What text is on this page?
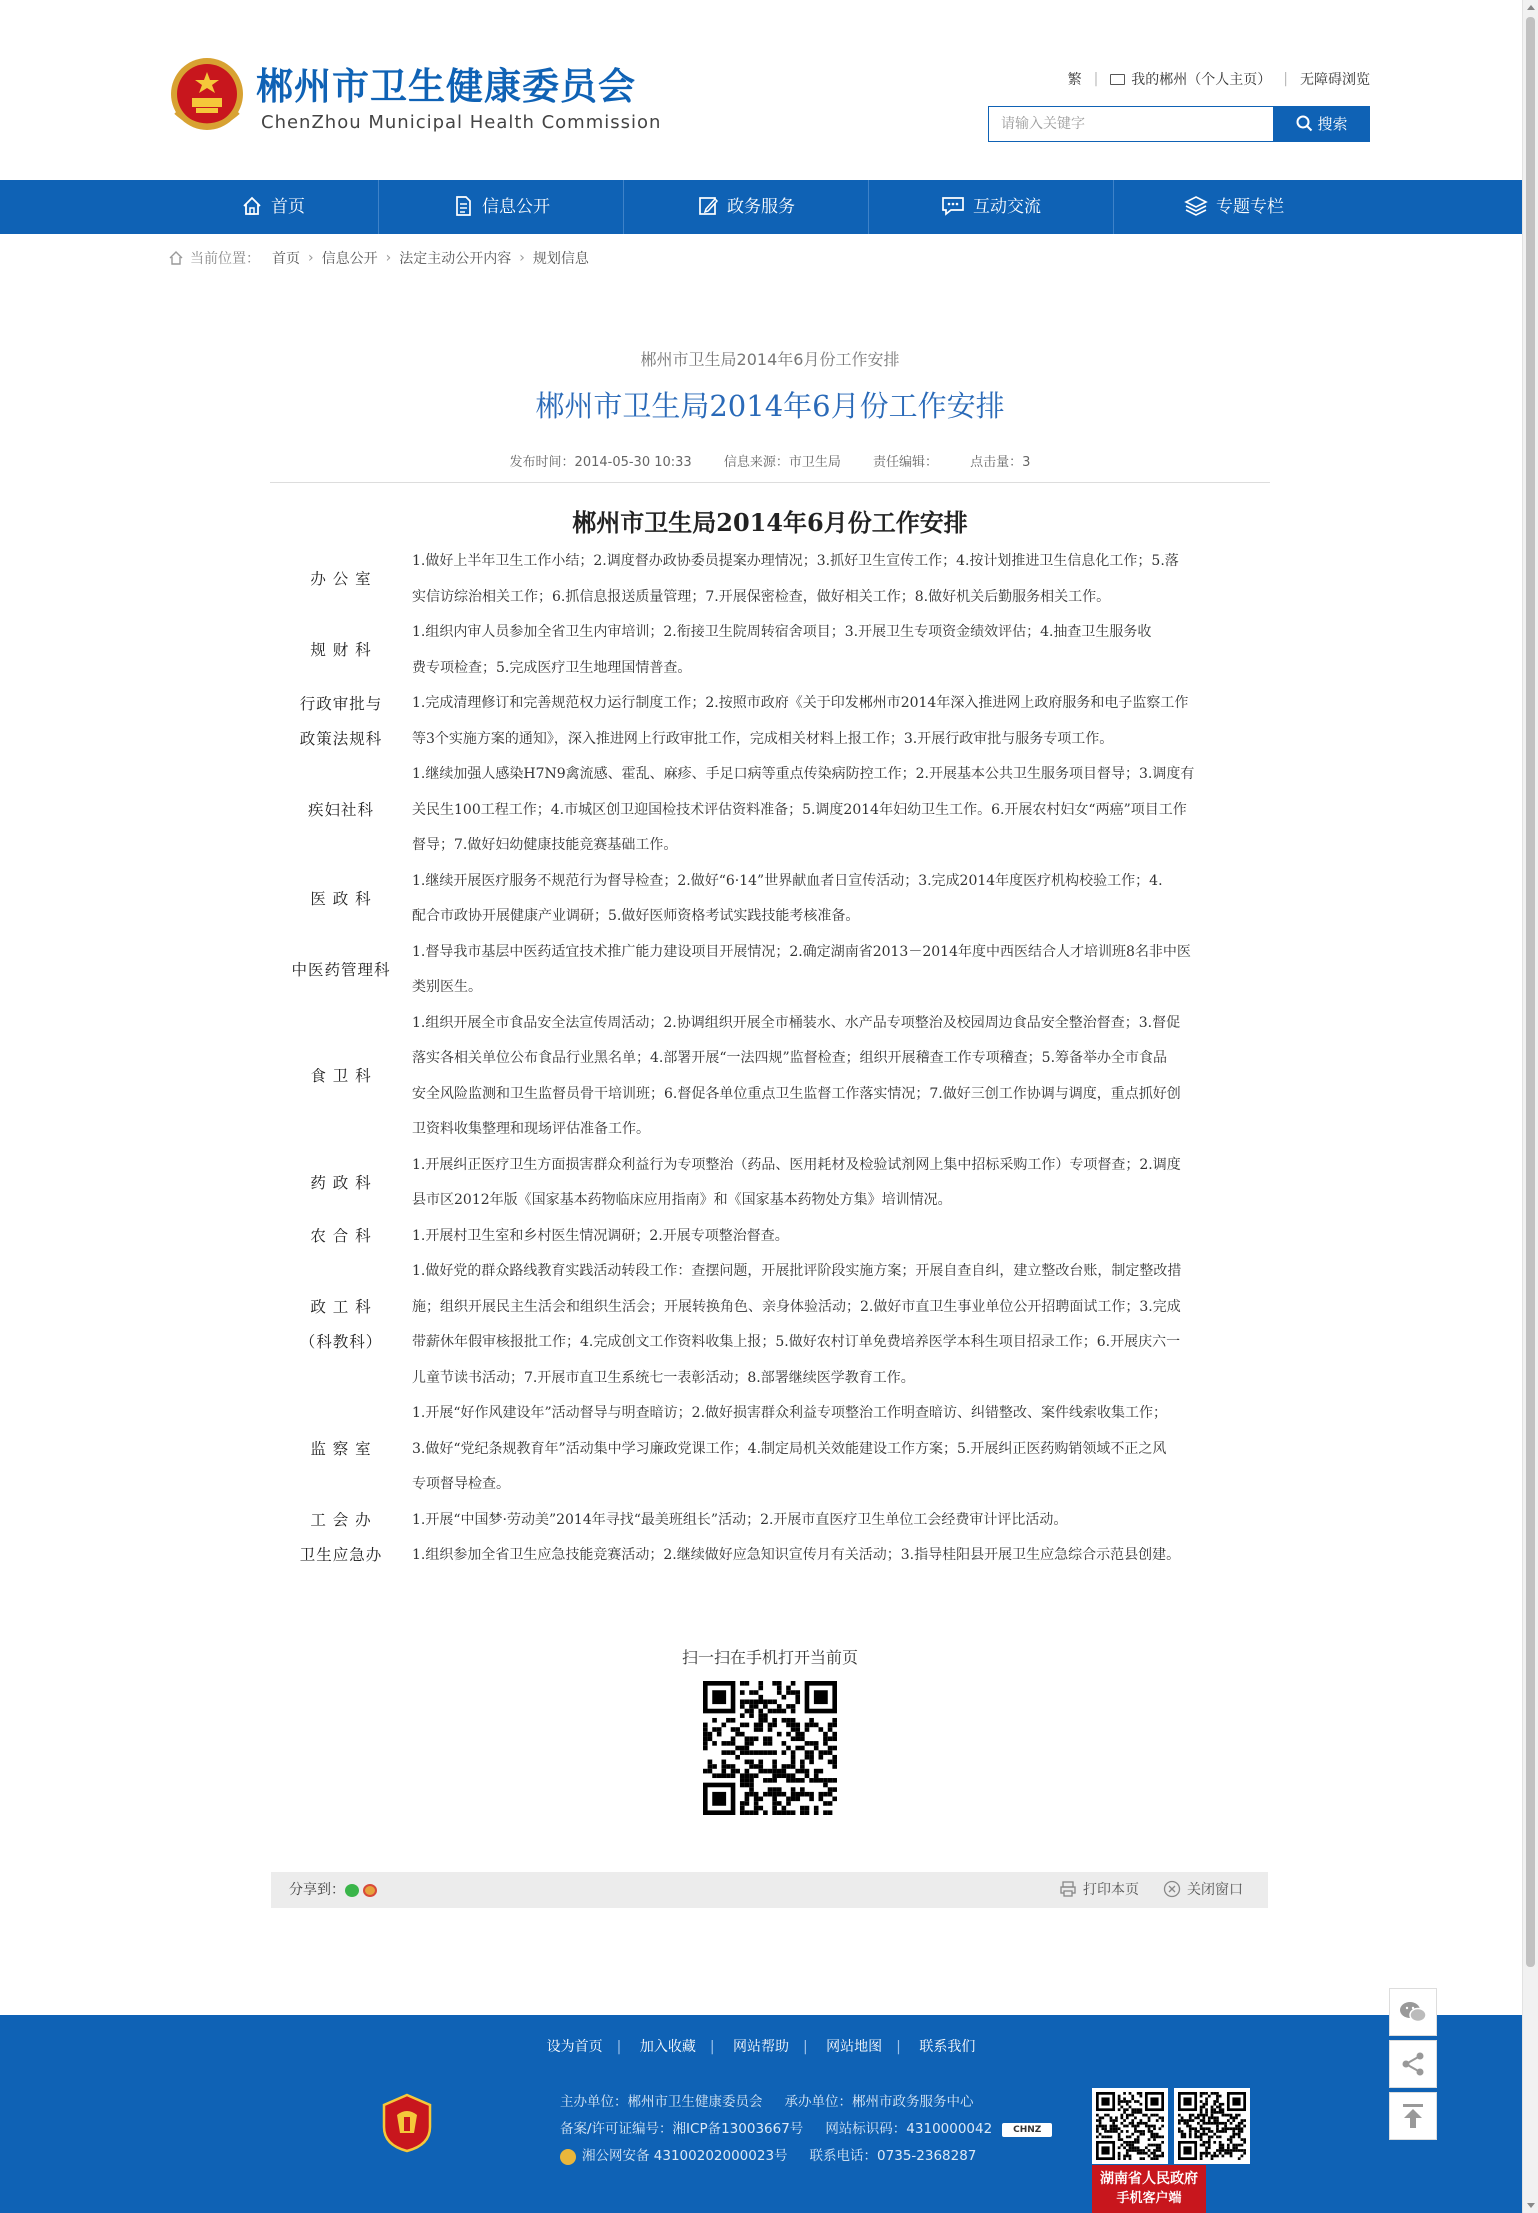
郴州市卫生健康委员会
ChenZhou Municipal Health Commission
繁 | 我的郴州（个人主页） | 无障碍浏览
请输入关键字	搜索
首页	信息公开	政务服务	互动交流	专题专栏
当前位置： 首页 › 信息公开 › 法定主动公开内容 › 规划信息
郴州市卫生局2014年6月份工作安排
郴州市卫生局2014年6月份工作安排
发布时间：2014-05-30 10:33 信息来源：市卫生局 责任编辑： 点击量：3
郴州市卫生局2014年6月份工作安排
办 公 室
1.做好上半年卫生工作小结；2.调度督办政协委员提案办理情况；3.抓好卫生宣传工作；4.按计划推进卫生信息化工作；5.落
实信访综治相关工作；6.抓信息报送质量管理；7.开展保密检查，做好相关工作；8.做好机关后勤服务相关工作。
规 财 科
1.组织内审人员参加全省卫生内审培训；2.衔接卫生院周转宿舍项目；3.开展卫生专项资金绩效评估；4.抽查卫生服务收
费专项检查；5.完成医疗卫生地理国情普查。
行政审批与
政策法规科
1.完成清理修订和完善规范权力运行制度工作；2.按照市政府《关于印发郴州市2014年深入推进网上政府服务和电子监察工作
等3个实施方案的通知》，深入推进网上行政审批工作，完成相关材料上报工作；3.开展行政审批与服务专项工作。
疾妇社科
1.继续加强人感染H7N9禽流感、霍乱、麻疹、手足口病等重点传染病防控工作；2.开展基本公共卫生服务项目督导；3.调度有
关民生100工程工作；4.市城区创卫迎国检技术评估资料准备；5.调度2014年妇幼卫生工作。6.开展农村妇女“两癌”项目工作
督导；7.做好妇幼健康技能竞赛基础工作。
医 政 科
1.继续开展医疗服务不规范行为督导检查；2.做好“6·14”世界献血者日宣传活动；3.完成2014年度医疗机构校验工作；4.
配合市政协开展健康产业调研；5.做好医师资格考试实践技能考核准备。
中医药管理科
1.督导我市基层中医药适宜技术推广能力建设项目开展情况；2.确定湖南省2013－2014年度中西医结合人才培训班8名非中医
类别医生。
食 卫 科
1.组织开展全市食品安全法宣传周活动；2.协调组织开展全市桶装水、水产品专项整治及校园周边食品安全整治督查；3.督促
落实各相关单位公布食品行业黑名单；4.部署开展“一法四规”监督检查；组织开展稽查工作专项稽查；5.筹备举办全市食品
安全风险监测和卫生监督员骨干培训班；6.督促各单位重点卫生监督工作落实情况；7.做好三创工作协调与调度，重点抓好创
卫资料收集整理和现场评估准备工作。
药 政 科
1.开展纠正医疗卫生方面损害群众利益行为专项整治（药品、医用耗材及检验试剂网上集中招标采购工作）专项督查；2.调度
县市区2012年版《国家基本药物临床应用指南》和《国家基本药物处方集》培训情况。
农 合 科	1.开展村卫生室和乡村医生情况调研；2.开展专项整治督查。
政 工 科
（科教科）
1.做好党的群众路线教育实践活动转段工作：查摆问题，开展批评阶段实施方案；开展自查自纠，建立整改台账，制定整改措
施；组织开展民主生活会和组织生活会；开展转换角色、亲身体验活动；2.做好市直卫生事业单位公开招聘面试工作；3.完成
带薪休年假审核报批工作；4.完成创文工作资料收集上报；5.做好农村订单免费培养医学本科生项目招录工作；6.开展庆六一
儿童节读书活动；7.开展市直卫生系统七一表彰活动；8.部署继续医学教育工作。
监 察 室
1.开展“好作风建设年”活动督导与明查暗访；2.做好损害群众利益专项整治工作明查暗访、纠错整改、案件线索收集工作；
3.做好“党纪条规教育年”活动集中学习廉政党课工作；4.制定局机关效能建设工作方案；5.开展纠正医药购销领域不正之风
专项督导检查。
工 会 办	1.开展“中国梦·劳动美”2014年寻找“最美班组长”活动；2.开展市直医疗卫生单位工会经费审计评比活动。
卫生应急办	1.组织参加全省卫生应急技能竞赛活动；2.继续做好应急知识宣传月有关活动；3.指导桂阳县开展卫生应急综合示范县创建。
扫一扫在手机打开当前页
分享到：	打印本页	关闭窗口
设为首页 | 加入收藏 | 网站帮助 | 网站地图 | 联系我们
主办单位：郴州市卫生健康委员会 承办单位：郴州市政务服务中心
备案/许可证编号：湘ICP备13003667号 网站标识码：4310000042	CHNZ
湘公网安备 43100202000023号 联系电话：0735-2368287
湖南省人民政府
手机客户端
